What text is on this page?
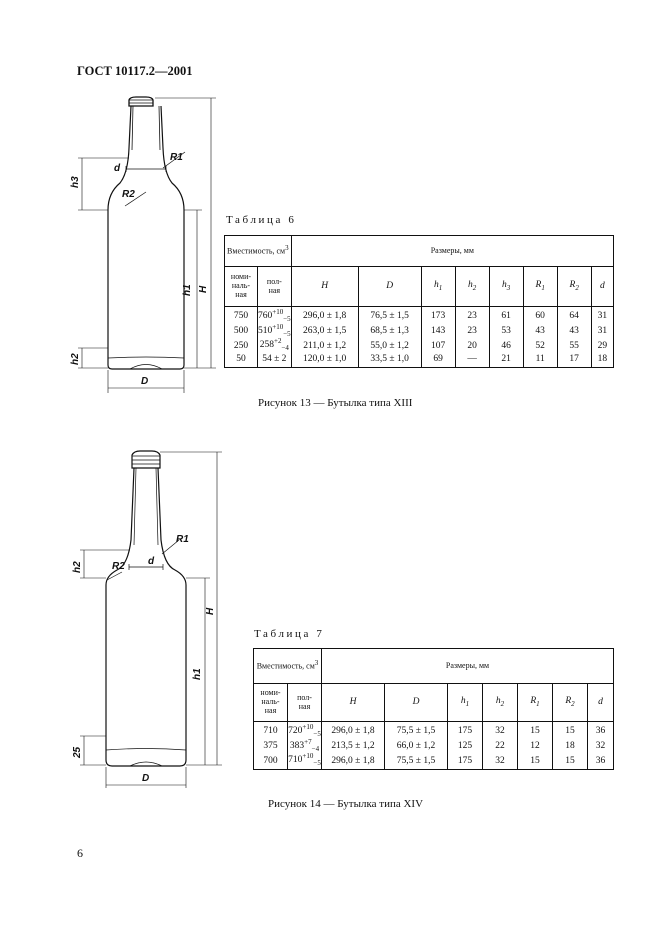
ГОСТ 10117.2—2001
h3
h1 H
h2
D
d
R1
R2
Таблица 6
Вместимость, $см^3$		Размеры, мм							
номи-
наль-
ная	пол-
ная	H	D	$h_1$	$h_2$	$h_3$	$R_1$	$R_2$	d
750	$760^{+10}_{-5}$	296,0 ± 1,8	76,5 ± 1,5	173	23	61	60	64	31
500	$510^{+10}_{-5}$	263,0 ± 1,5	68,5 ± 1,3	143	23	53	43	43	31
250	$258^{+2}_{-4}$	211,0 ± 1,2	55,0 ± 1,2	107	20	46	52	55	29
50	54 ± 2	120,0 ± 1,0	33,5 ± 1,0	69	—	21	11	17	18
Рисунок 13 — Бутылка типа XIII
h2
h1
H
25
D
d
R1
R2
Таблица 7
Вместимость, $см^3$		Размеры, мм						
номи-
наль-
ная	пол-
ная	H	D	$h_1$	$h_2$	$R_1$	$R_2$	d
710	$720^{+10}_{-5}$	296,0 ± 1,8	75,5 ± 1,5	175	32	15	15	36
375	$383^{+7}_{-4}$	213,5 ± 1,2	66,0 ± 1,2	125	22	12	18	32
700	$710^{+10}_{-5}$	296,0 ± 1,8	75,5 ± 1,5	175	32	15	15	36
Рисунок 14 — Бутылка типа XIV
6
